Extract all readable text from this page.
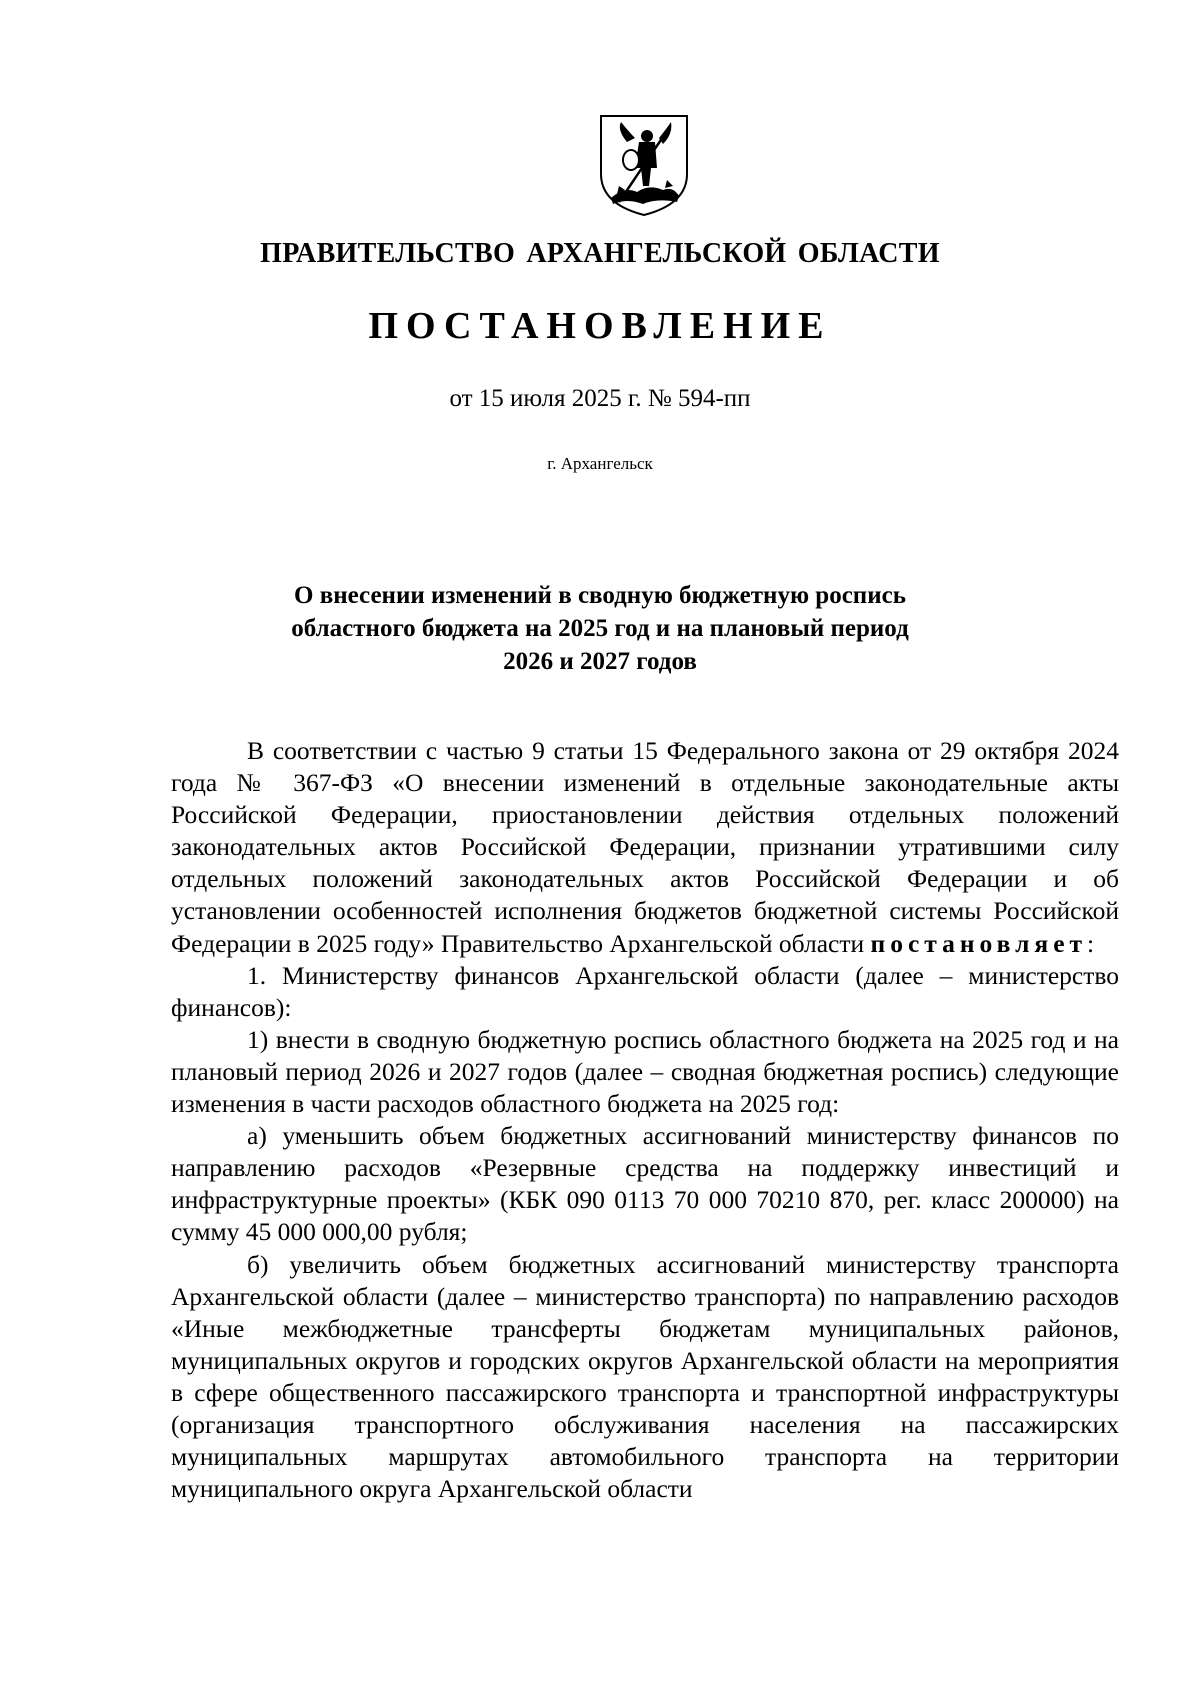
ПРАВИТЕЛЬСТВО АРХАНГЕЛЬСКОЙ ОБЛАСТИ
ПОСТАНОВЛЕНИЕ
от 15 июля 2025 г. № 594-пп
г. Архангельск
О внесении изменений в сводную бюджетную роспись
областного бюджета на 2025 год и на плановый период
2026 и 2027 годов

В соответствии с частью 9 статьи 15 Федерального закона от 29 октября 2024 года № 367-ФЗ «О внесении изменений в отдельные законодательные акты Российской Федерации, приостановлении действия отдельных положений законодательных актов Российской Федерации, признании утратившими силу отдельных положений законодательных актов Российской Федерации и об установлении особенностей исполнения бюджетов бюджетной системы Российской Федерации в 2025 году» Правительство Архангельской области постановляет:

1. Министерству финансов Архангельской области (далее – министерство финансов):

1) внести в сводную бюджетную роспись областного бюджета на 2025 год и на плановый период 2026 и 2027 годов (далее – сводная бюджетная роспись) следующие изменения в части расходов областного бюджета на 2025 год:

а) уменьшить объем бюджетных ассигнований министерству финансов по направлению расходов «Резервные средства на поддержку инвестиций и инфраструктурные проекты» (КБК 090 0113 70 000 70210 870, рег. класс 200000) на сумму 45 000 000,00 рубля;

б) увеличить объем бюджетных ассигнований министерству транспорта Архангельской области (далее – министерство транспорта) по направлению расходов «Иные межбюджетные трансферты бюджетам муниципальных районов, муниципальных округов и городских округов Архангельской области на мероприятия в сфере общественного пассажирского транспорта и транспортной инфраструктуры (организация транспортного обслуживания населения на пассажирских муниципальных маршрутах автомобильного транспорта на территории муниципального округа Архангельской области
